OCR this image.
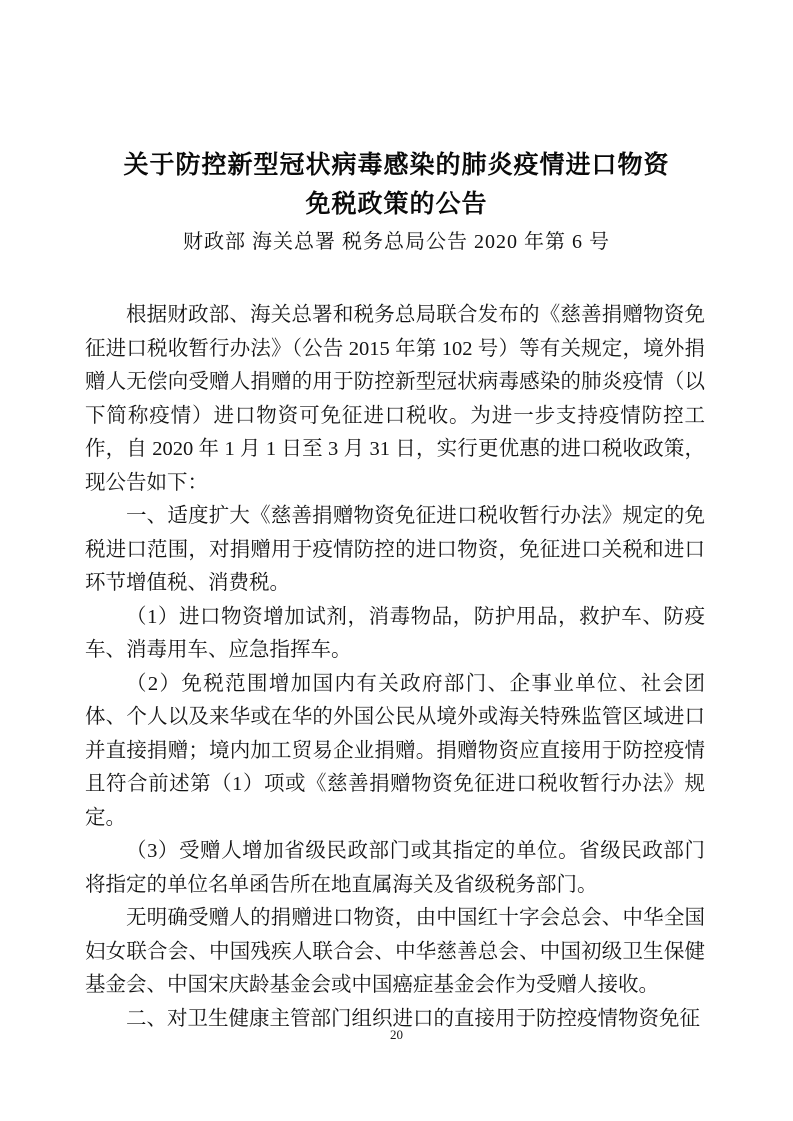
关于防控新型冠状病毒感染的肺炎疫情进口物资
免税政策的公告
财政部 海关总署 税务总局公告 2020 年第 6 号

根据财政部、海关总署和税务总局联合发布的《慈善捐赠物资免征进口税收暂行办法》（公告 2015 年第 102 号）等有关规定，境外捐赠人无偿向受赠人捐赠的用于防控新型冠状病毒感染的肺炎疫情（以下简称疫情）进口物资可免征进口税收。为进一步支持疫情防控工作，自 2020 年 1 月 1 日至 3 月 31 日，实行更优惠的进口税收政策，现公告如下：

一、适度扩大《慈善捐赠物资免征进口税收暂行办法》规定的免税进口范围，对捐赠用于疫情防控的进口物资，免征进口关税和进口环节增值税、消费税。

（1）进口物资增加试剂，消毒物品，防护用品，救护车、防疫车、消毒用车、应急指挥车。

（2）免税范围增加国内有关政府部门、企事业单位、社会团体、个人以及来华或在华的外国公民从境外或海关特殊监管区域进口并直接捐赠；境内加工贸易企业捐赠。捐赠物资应直接用于防控疫情且符合前述第（1）项或《慈善捐赠物资免征进口税收暂行办法》规定。

（3）受赠人增加省级民政部门或其指定的单位。省级民政部门将指定的单位名单函告所在地直属海关及省级税务部门。

无明确受赠人的捐赠进口物资，由中国红十字会总会、中华全国妇女联合会、中国残疾人联合会、中华慈善总会、中国初级卫生保健基金会、中国宋庆龄基金会或中国癌症基金会作为受赠人接收。

二、对卫生健康主管部门组织进口的直接用于防控疫情物资免征

20
